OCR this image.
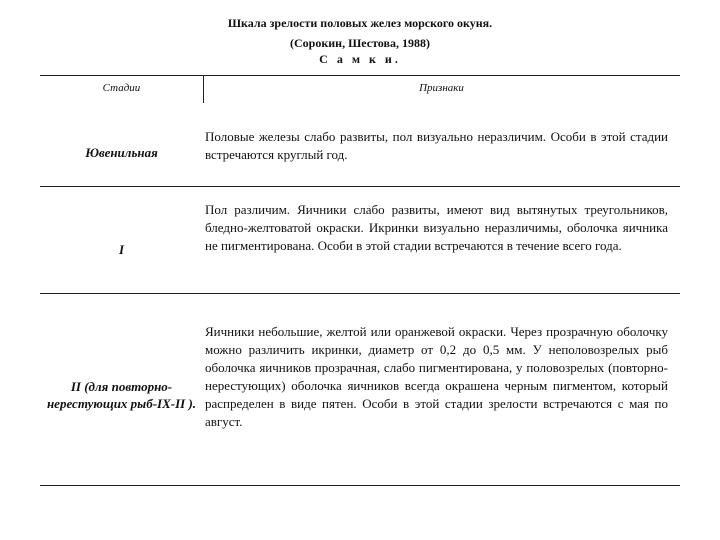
Шкала зрелости половых желез морского окуня.
(Сорокин, Шестова, 1988)
С а м к и.
Стадии	Признаки
Ювенильная
Половые железы слабо развиты, пол визуально неразличим. Особи в этой стадии встречаются круглый год.
I
Пол различим. Яичники слабо развиты, имеют вид вытянутых треугольников, бледно-желтоватой окраски. Икринки визуально неразличимы, оболочка яичника не пигментирована. Особи в этой стадии встречаются в течение всего года.
II (для повторно-нерестующих рыб-IX-II ).
Яичники небольшие, желтой или оранжевой окраски. Через прозрачную оболочку можно различить икринки, диаметр от 0,2 до 0,5 мм. У неполовозрелых рыб оболочка яичников прозрачная, слабо пигментирована, у половозрелых (повторно-нерестующих) оболочка яичников всегда окрашена черным пигментом, который распределен в виде пятен. Особи в этой стадии зрелости встречаются с мая по август.
